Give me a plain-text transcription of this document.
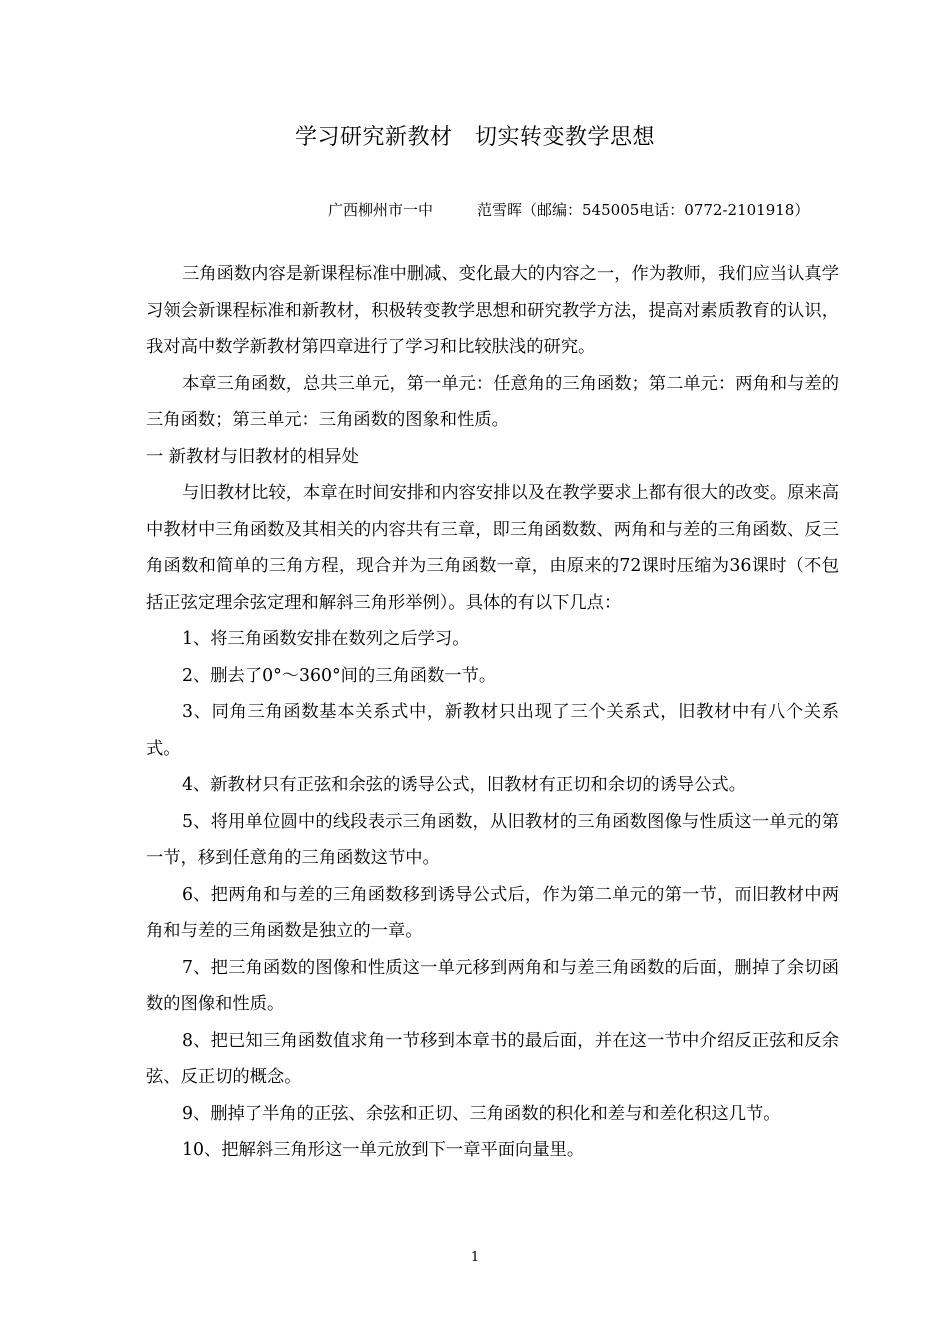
学习研究新教材　切实转变教学思想
广西柳州市一中	范雪晖（邮编：545005电话：0772-2101918）

三角函数内容是新课程标准中删减、变化最大的内容之一，作为教师，我们应当认真学习领会新课程标准和新教材，积极转变教学思想和研究教学方法，提高对素质教育的认识，我对高中数学新教材第四章进行了学习和比较肤浅的研究。

本章三角函数，总共三单元，第一单元：任意角的三角函数；第二单元：两角和与差的三角函数；第三单元：三角函数的图象和性质。

一 新教材与旧教材的相异处

与旧教材比较，本章在时间安排和内容安排以及在教学要求上都有很大的改变。原来高中教材中三角函数及其相关的内容共有三章，即三角函数数、两角和与差的三角函数、反三角函数和简单的三角方程，现合并为三角函数一章，由原来的72课时压缩为36课时（不包括正弦定理余弦定理和解斜三角形举例）。具体的有以下几点：

1、将三角函数安排在数列之后学习。

2、删去了0°～360°间的三角函数一节。

3、同角三角函数基本关系式中，新教材只出现了三个关系式，旧教材中有八个关系式。

4、新教材只有正弦和余弦的诱导公式，旧教材有正切和余切的诱导公式。

5、将用单位圆中的线段表示三角函数，从旧教材的三角函数图像与性质这一单元的第一节，移到任意角的三角函数这节中。

6、把两角和与差的三角函数移到诱导公式后，作为第二单元的第一节，而旧教材中两角和与差的三角函数是独立的一章。

7、把三角函数的图像和性质这一单元移到两角和与差三角函数的后面，删掉了余切函数的图像和性质。

8、把已知三角函数值求角一节移到本章书的最后面，并在这一节中介绍反正弦和反余弦、反正切的概念。

9、删掉了半角的正弦、余弦和正切、三角函数的积化和差与和差化积这几节。

10、把解斜三角形这一单元放到下一章平面向量里。

1
